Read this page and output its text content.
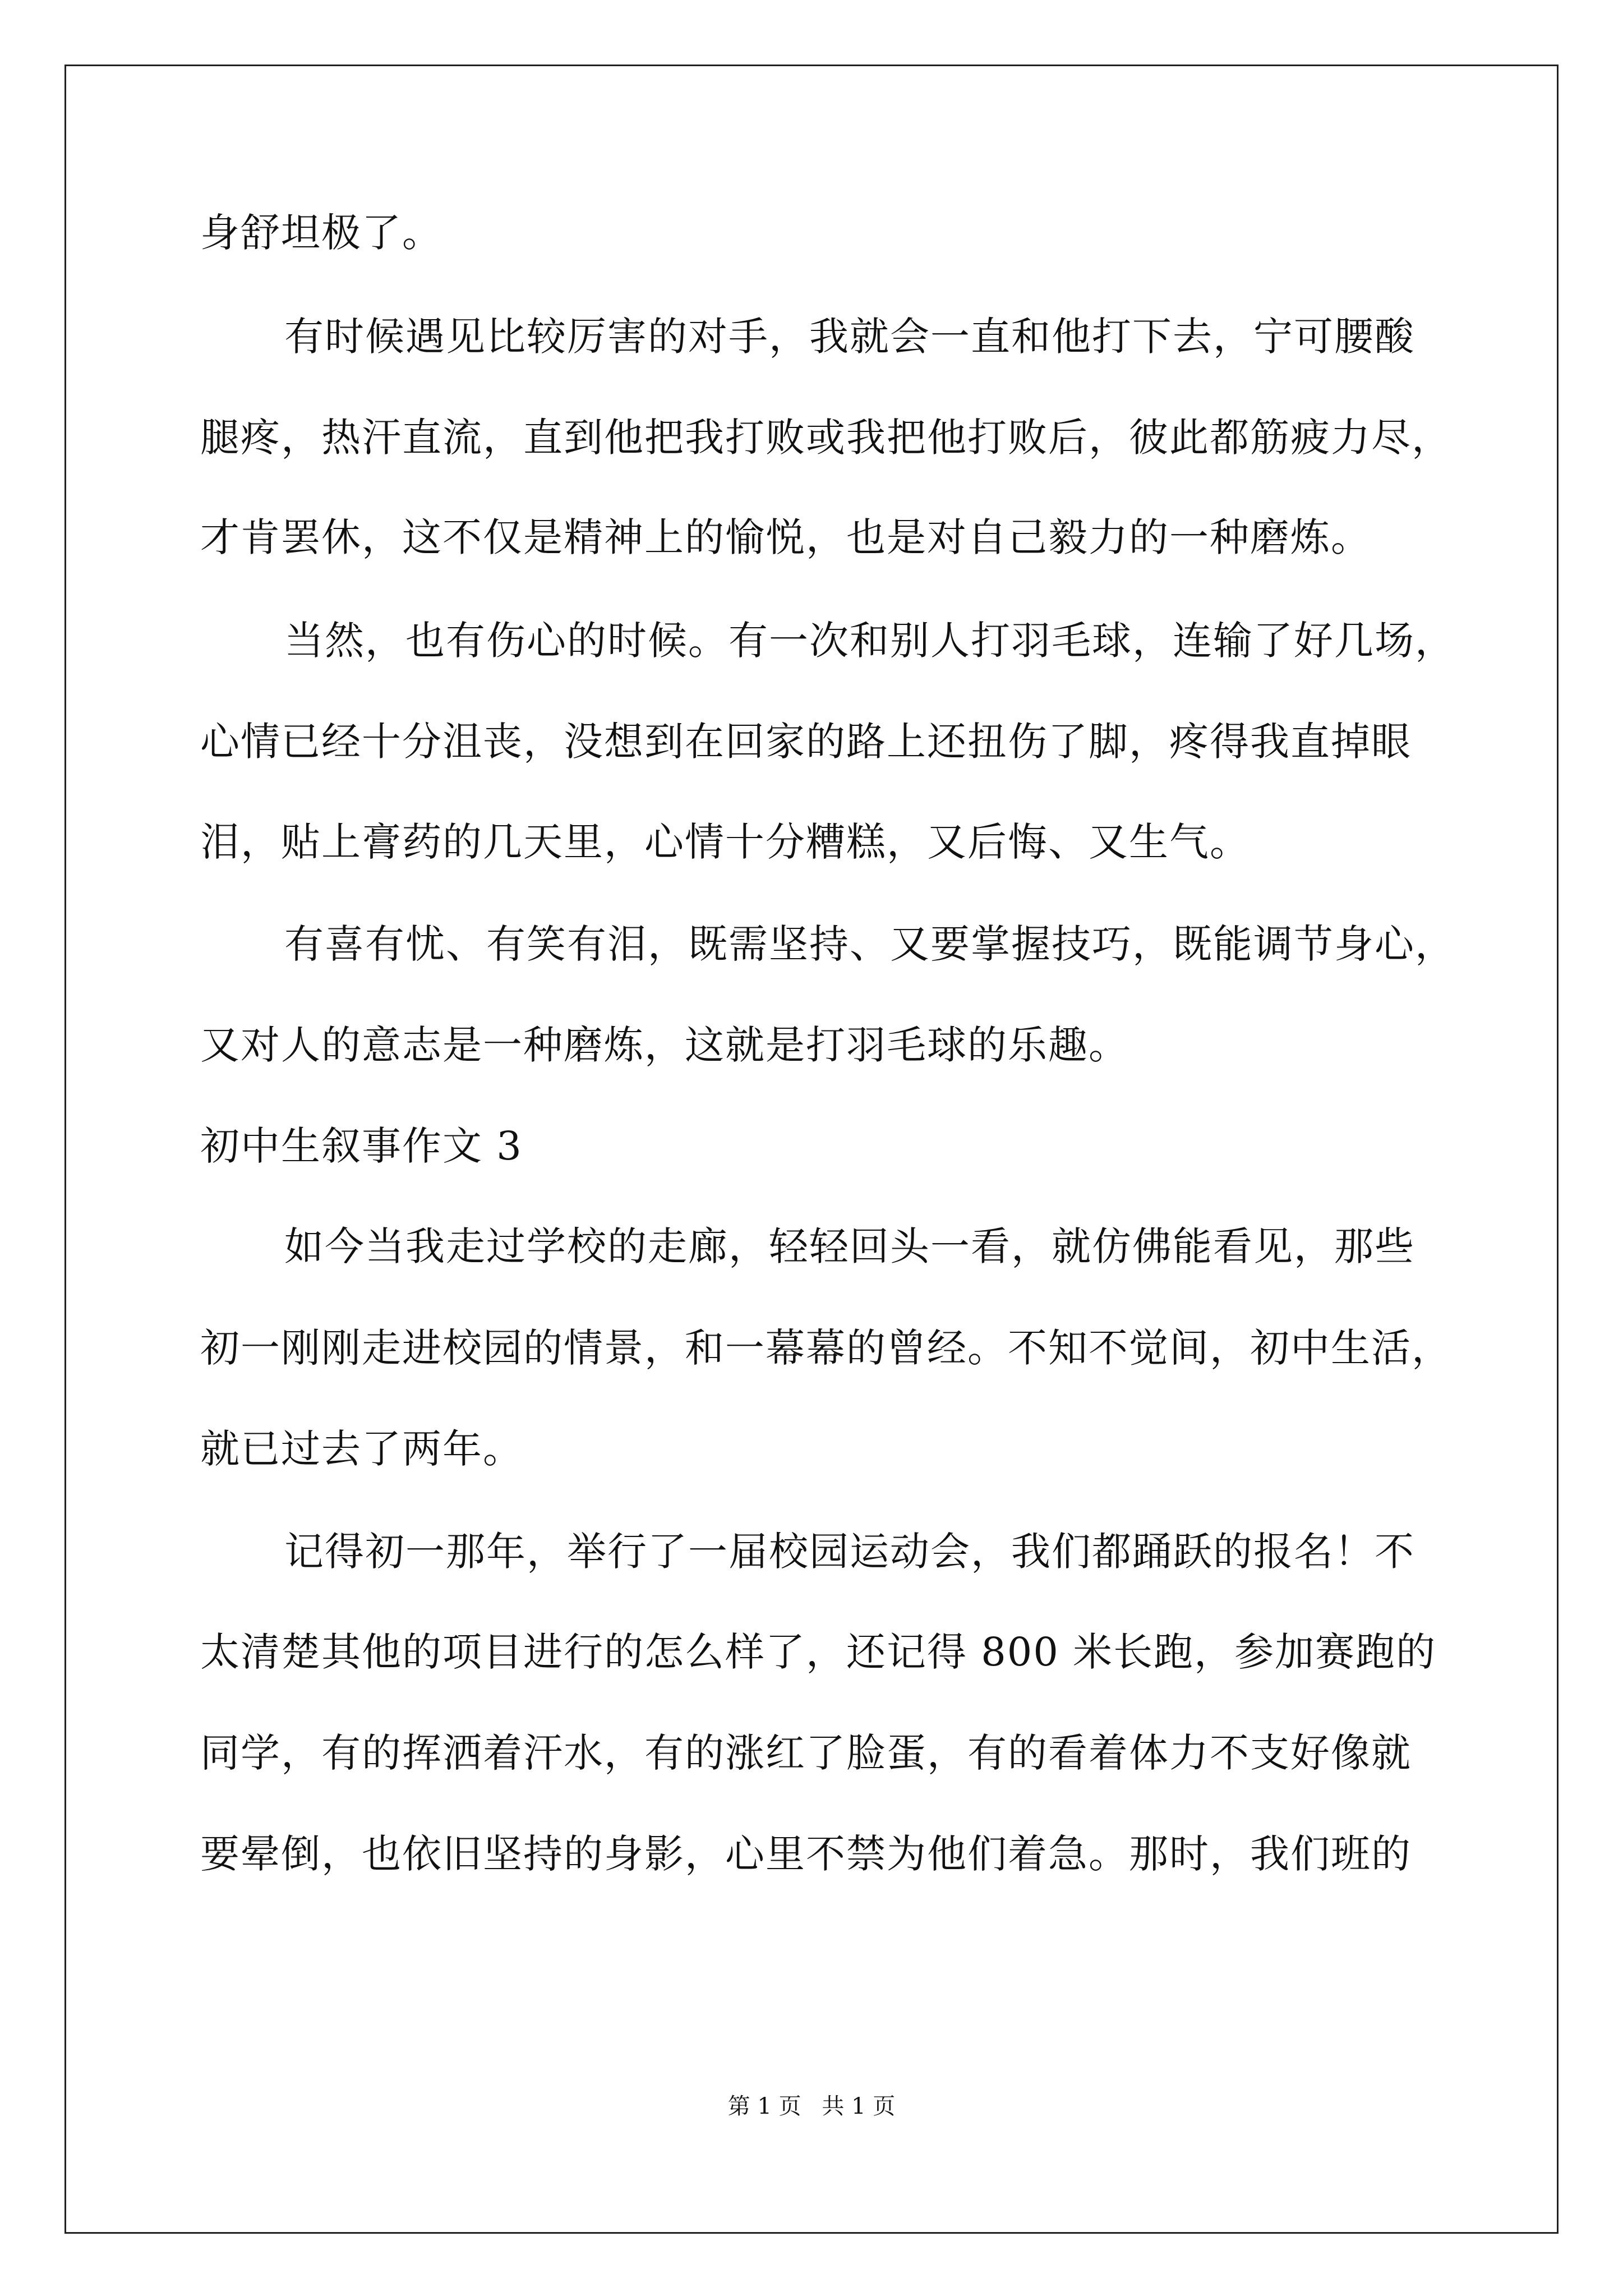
身舒坦极了。
有时候遇见比较厉害的对手，我就会一直和他打下去，宁可腰酸
腿疼，热汗直流，直到他把我打败或我把他打败后，彼此都筋疲力尽，
才肯罢休，这不仅是精神上的愉悦，也是对自己毅力的一种磨炼。
当然，也有伤心的时候。有一次和别人打羽毛球，连输了好几场，
心情已经十分沮丧，没想到在回家的路上还扭伤了脚，疼得我直掉眼
泪，贴上膏药的几天里，心情十分糟糕，又后悔、又生气。
有喜有忧、有笑有泪，既需坚持、又要掌握技巧，既能调节身心，
又对人的意志是一种磨炼，这就是打羽毛球的乐趣。
初中生叙事作文 3
如今当我走过学校的走廊，轻轻回头一看，就仿佛能看见，那些
初一刚刚走进校园的情景，和一幕幕的曾经。不知不觉间，初中生活，
就已过去了两年。
记得初一那年，举行了一届校园运动会，我们都踊跃的报名！不
太清楚其他的项目进行的怎么样了，还记得 800 米长跑，参加赛跑的
同学，有的挥洒着汗水，有的涨红了脸蛋，有的看着体力不支好像就
要晕倒，也依旧坚持的身影，心里不禁为他们着急。那时，我们班的
第 1 页 共 1 页
